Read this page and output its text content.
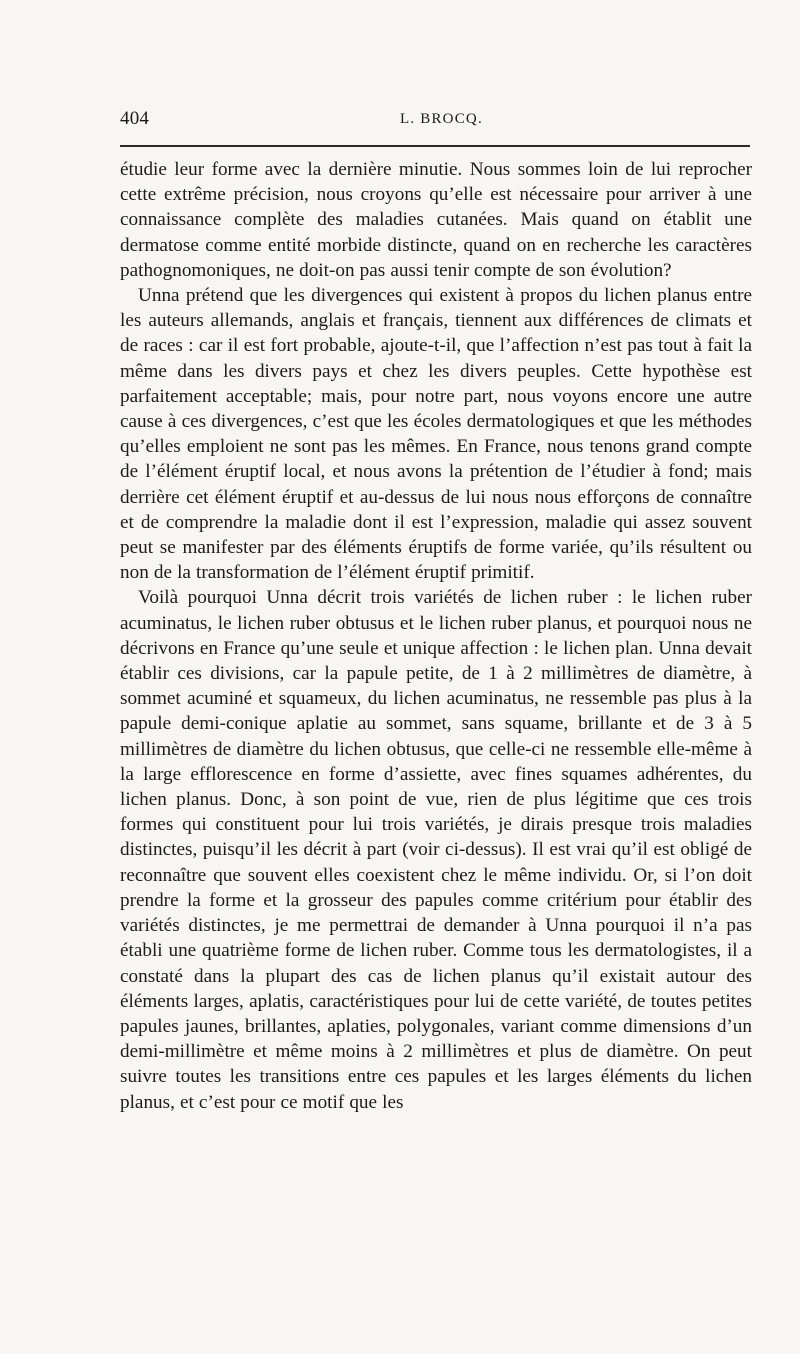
404	L. BROCQ.

étudie leur forme avec la dernière minutie. Nous sommes loin de lui reprocher cette extrême précision, nous croyons qu’elle est nécessaire pour arriver à une connaissance complète des maladies cutanées. Mais quand on établit une dermatose comme entité morbide distincte, quand on en recherche les caractères pathognomoniques, ne doit-on pas aussi tenir compte de son évolution?

Unna prétend que les divergences qui existent à propos du lichen planus entre les auteurs allemands, anglais et français, tiennent aux différences de climats et de races : car il est fort probable, ajoute-t-il, que l’affection n’est pas tout à fait la même dans les divers pays et chez les divers peuples. Cette hypothèse est parfaitement acceptable; mais, pour notre part, nous voyons encore une autre cause à ces divergences, c’est que les écoles dermatologiques et que les méthodes qu’elles emploient ne sont pas les mêmes. En France, nous tenons grand compte de l’élément éruptif local, et nous avons la prétention de l’étudier à fond; mais derrière cet élément éruptif et au-dessus de lui nous nous efforçons de connaître et de comprendre la maladie dont il est l’expression, maladie qui assez souvent peut se manifester par des éléments éruptifs de forme variée, qu’ils résultent ou non de la transformation de l’élément éruptif primitif.

Voilà pourquoi Unna décrit trois variétés de lichen ruber : le lichen ruber acuminatus, le lichen ruber obtusus et le lichen ruber planus, et pourquoi nous ne décrivons en France qu’une seule et unique affection : le lichen plan. Unna devait établir ces divisions, car la papule petite, de 1 à 2 millimètres de diamètre, à sommet acuminé et squameux, du lichen acuminatus, ne ressemble pas plus à la papule demi-conique aplatie au sommet, sans squame, brillante et de 3 à 5 millimètres de diamètre du lichen obtusus, que celle-ci ne ressemble elle-même à la large efflorescence en forme d’assiette, avec fines squames adhérentes, du lichen planus. Donc, à son point de vue, rien de plus légitime que ces trois formes qui constituent pour lui trois variétés, je dirais presque trois maladies distinctes, puisqu’il les décrit à part (voir ci-dessus). Il est vrai qu’il est obligé de reconnaître que souvent elles coexistent chez le même individu. Or, si l’on doit prendre la forme et la grosseur des papules comme critérium pour établir des variétés distinctes, je me permettrai de demander à Unna pourquoi il n’a pas établi une quatrième forme de lichen ruber. Comme tous les dermatologistes, il a constaté dans la plupart des cas de lichen planus qu’il existait autour des éléments larges, aplatis, caractéristiques pour lui de cette variété, de toutes petites papules jaunes, brillantes, aplaties, polygonales, variant comme dimensions d’un demi-millimètre et même moins à 2 millimètres et plus de diamètre. On peut suivre toutes les transitions entre ces papules et les larges éléments du lichen planus, et c’est pour ce motif que les
